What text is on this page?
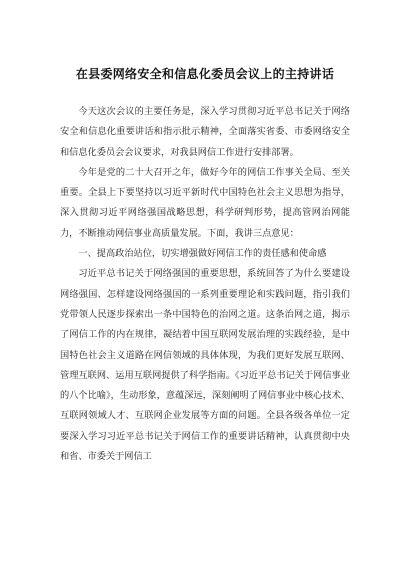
在县委网络安全和信息化委员会议上的主持讲话

今天这次会议的主要任务是，深入学习贯彻习近平总书记关于网络安全和信息化重要讲话和指示批示精神，全面落实省委、市委网络安全和信息化委员会会议要求，对我县网信工作进行安排部署。

今年是党的二十大召开之年，做好今年的网信工作事关全局、至关重要。全县上下要坚持以习近平新时代中国特色社会主义思想为指导，深入贯彻习近平网络强国战略思想，科学研判形势，提高管网治网能力，不断推动网信事业高质量发展。下面，我讲三点意见：

一、提高政治站位，切实增强做好网信工作的责任感和使命感

习近平总书记关于网络强国的重要思想，系统回答了为什么要建设网络强国、怎样建设网络强国的一系列重要理论和实践问题，指引我们党带领人民逐步探索出一条中国特色的治网之道。这条治网之道，揭示了网信工作的内在规律，凝结着中国互联网发展治理的实践经验，是中国特色社会主义道路在网信领域的具体体现，为我们更好发展互联网、管理互联网、运用互联网提供了科学指南。《习近平总书记关于网信事业的八个比喻》，生动形象，意蕴深远，深刻阐明了网信事业中核心技术、互联网领域人才、互联网企业发展等方面的问题。全县各级各单位一定要深入学习习近平总书记关于网信工作的重要讲话精神，认真贯彻中央和省、市委关于网信工
